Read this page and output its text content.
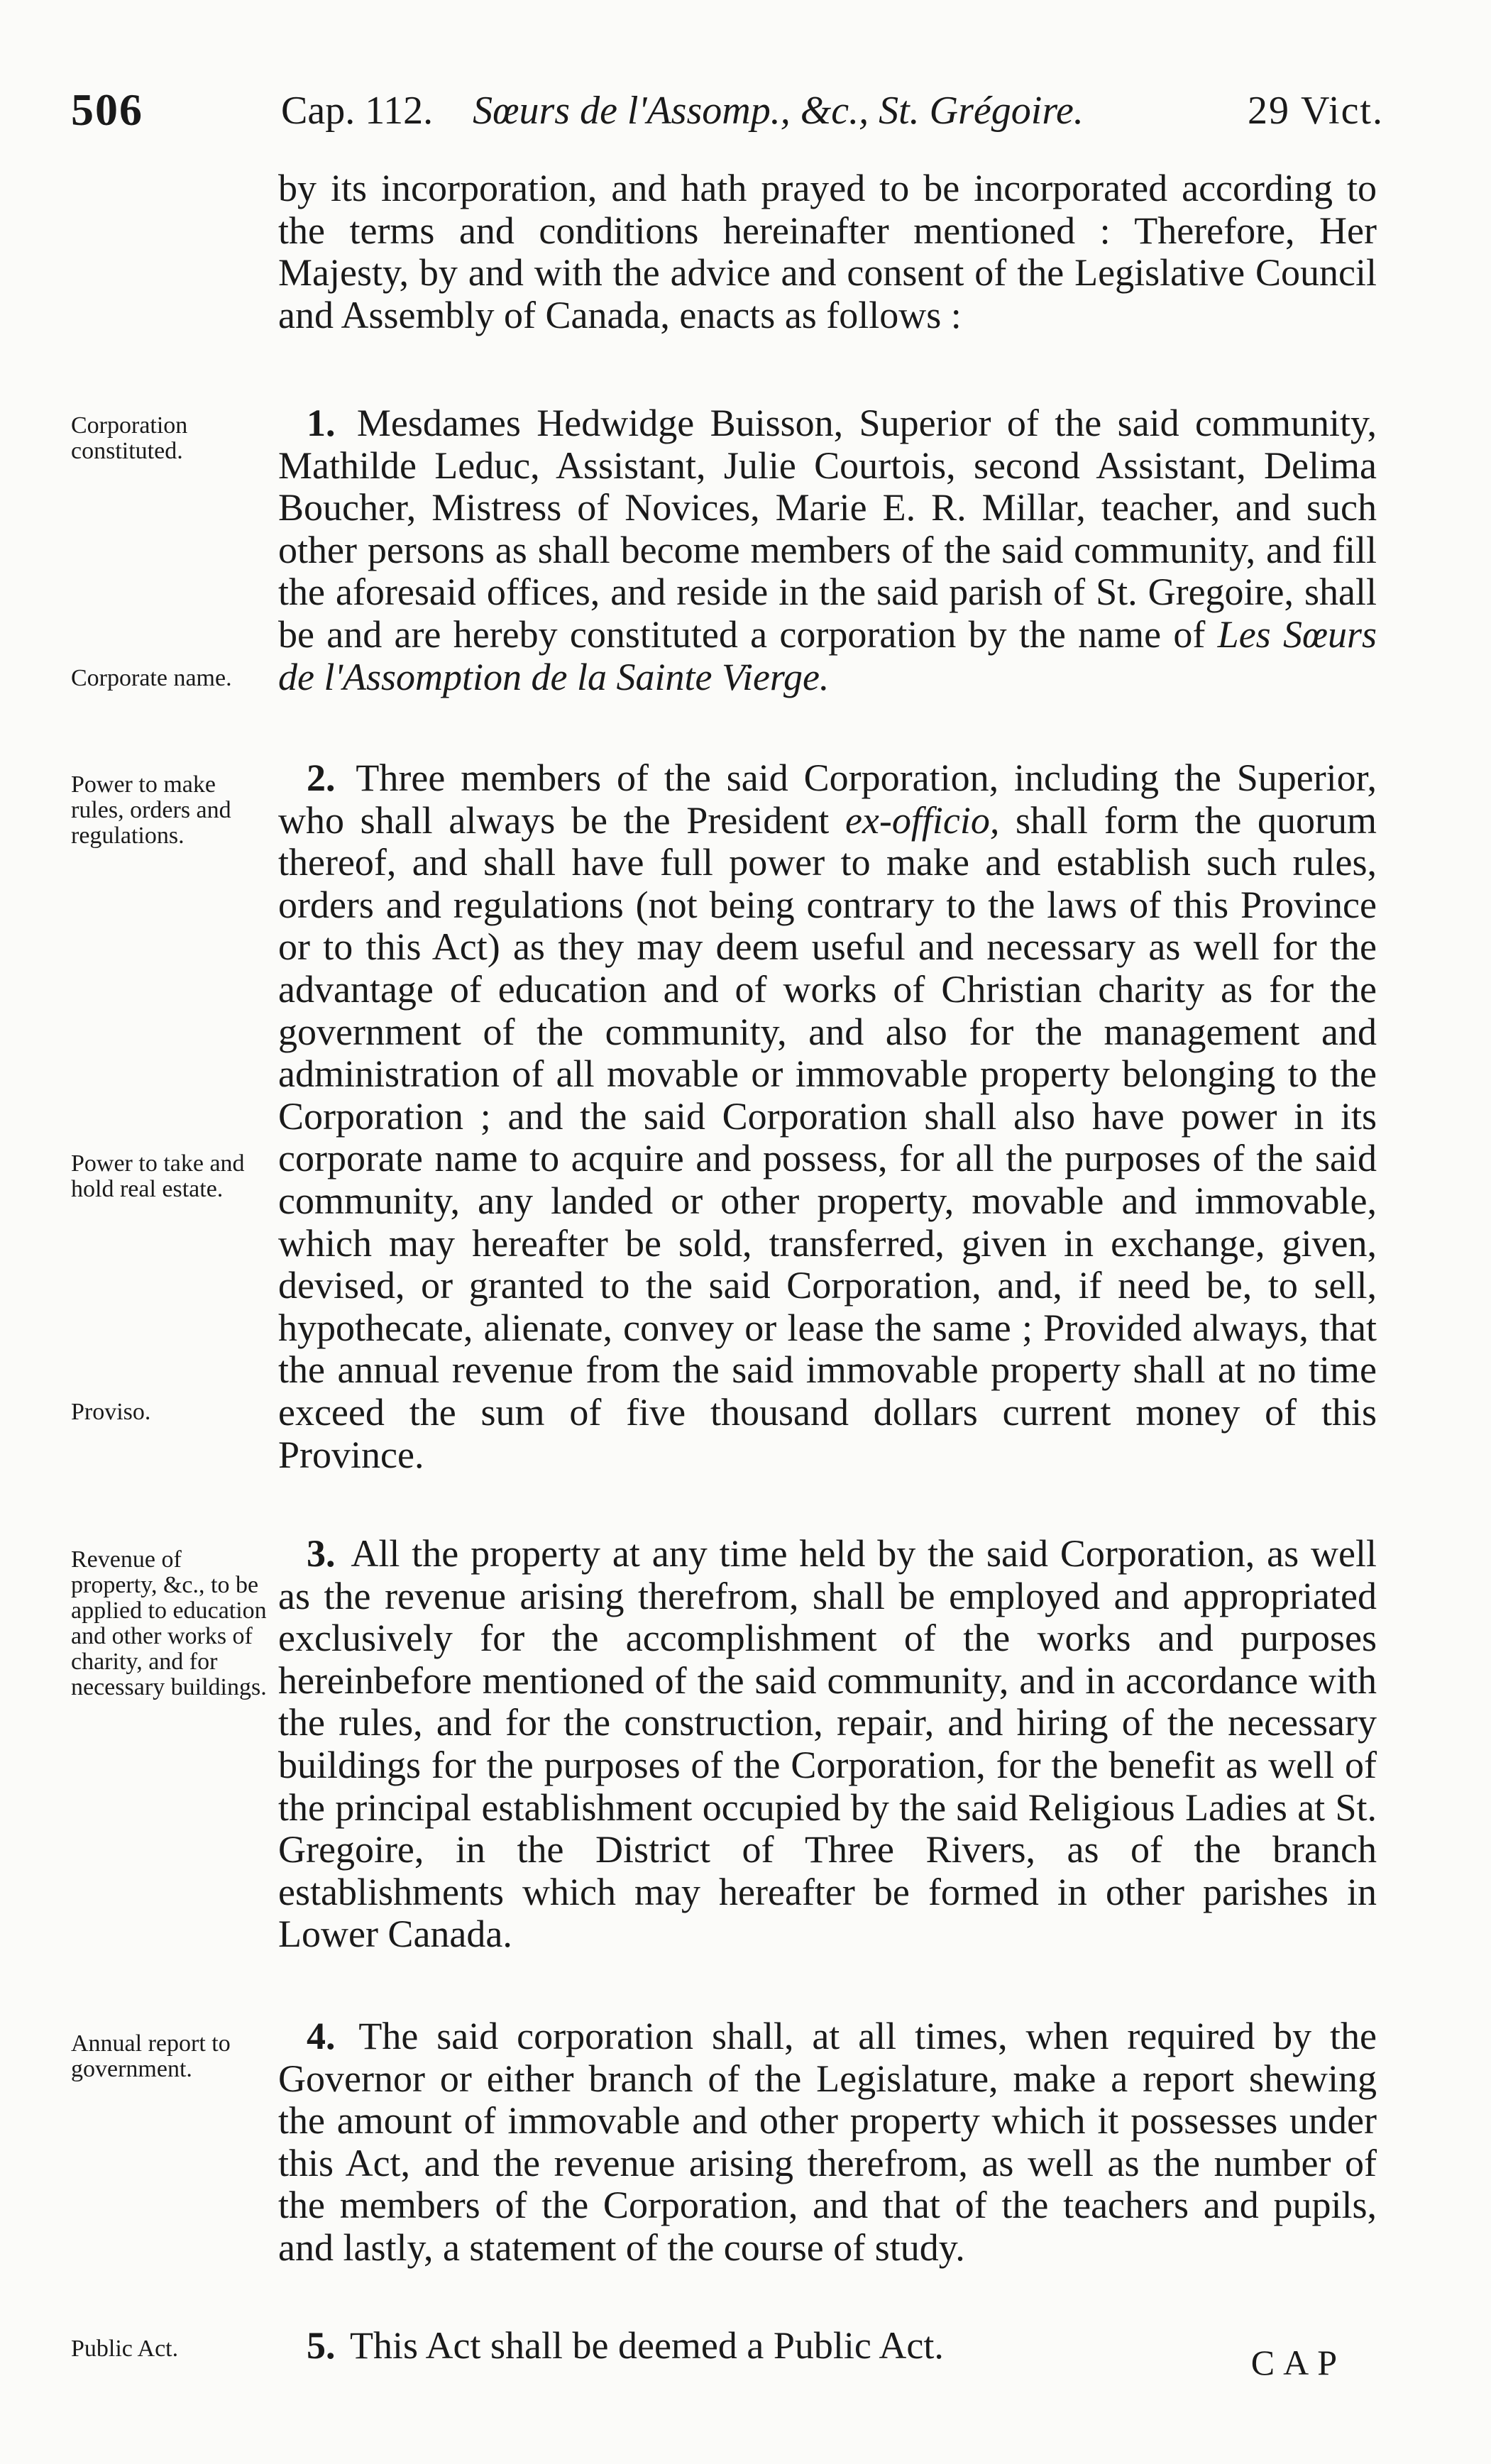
506	Cap. 112. Sœurs de l'Assomp., &c., St. Grégoire.	29 Vict.

by its incorporation, and hath prayed to be incorporated according to the terms and conditions hereinafter mentioned : Therefore, Her Majesty, by and with the advice and consent of the Legislative Council and Assembly of Canada, enacts as follows :

Corporation constituted.
Corporate name.

1. Mesdames Hedwidge Buisson, Superior of the said community, Mathilde Leduc, Assistant, Julie Courtois, second Assistant, Delima Boucher, Mistress of Novices, Marie E. R. Millar, teacher, and such other persons as shall become members of the said community, and fill the aforesaid offices, and reside in the said parish of St. Gregoire, shall be and are hereby constituted a corporation by the name of Les Sœurs de l'Assomption de la Sainte Vierge.

Power to make rules, orders and regulations.
Power to take and hold real estate.
Proviso.

2. Three members of the said Corporation, including the Superior, who shall always be the President ex-officio, shall form the quorum thereof, and shall have full power to make and establish such rules, orders and regulations (not being contrary to the laws of this Province or to this Act) as they may deem useful and necessary as well for the advantage of education and of works of Christian charity as for the government of the community, and also for the management and administration of all movable or immovable property belonging to the Corporation ; and the said Corporation shall also have power in its corporate name to acquire and possess, for all the purposes of the said community, any landed or other property, movable and immovable, which may hereafter be sold, transferred, given in exchange, given, devised, or granted to the said Corporation, and, if need be, to sell, hypothecate, alienate, convey or lease the same ; Provided always, that the annual revenue from the said immovable property shall at no time exceed the sum of five thousand dollars current money of this Province.

Revenue of property, &c., to be applied to education and other works of charity, and for necessary buildings.

3. All the property at any time held by the said Corporation, as well as the revenue arising therefrom, shall be employed and appropriated exclusively for the accomplishment of the works and purposes hereinbefore mentioned of the said community, and in accordance with the rules, and for the construction, repair, and hiring of the necessary buildings for the purposes of the Corporation, for the benefit as well of the principal establishment occupied by the said Religious Ladies at St. Gregoire, in the District of Three Rivers, as of the branch establishments which may hereafter be formed in other parishes in Lower Canada.

Annual report to government.

4. The said corporation shall, at all times, when required by the Governor or either branch of the Legislature, make a report shewing the amount of immovable and other property which it possesses under this Act, and the revenue arising therefrom, as well as the number of the members of the Corporation, and that of the teachers and pupils, and lastly, a statement of the course of study.

Public Act.	5. This Act shall be deemed a Public Act.	CAP
